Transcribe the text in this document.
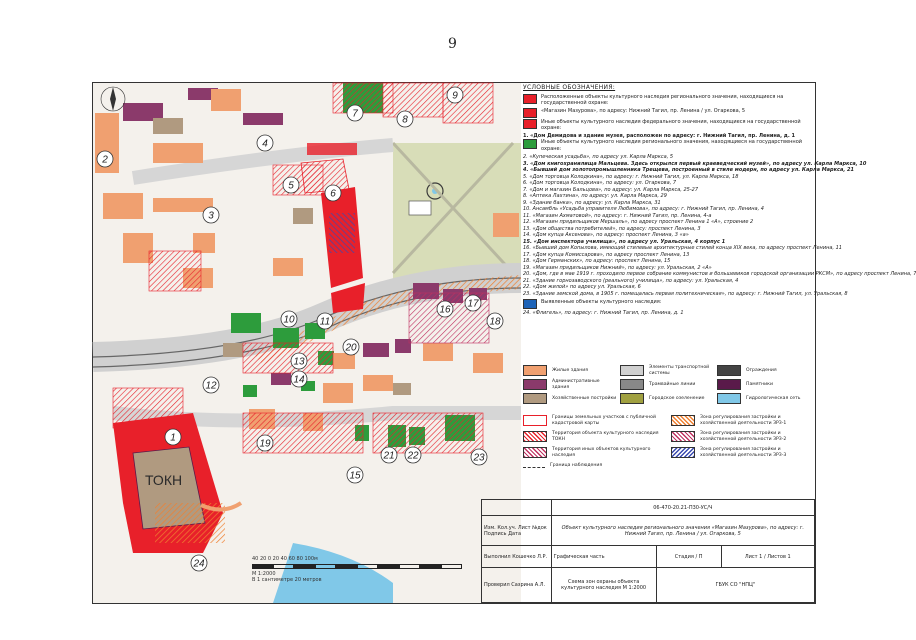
9
ТОКН
1
2
3
4
5
6
7
8
9
10	11
12
13
14
15
16
17
18
19
20
21 22	23
24
УСЛОВНЫЕ ОБОЗНАЧЕНИЯ:
Расположенные объекты культурного наследия регионального значения, находящиеся на государственной охране:
«Магазин Мазурова», по адресу: Нижний Тагил, пр. Ленина / ул. Огаркова, 5
Иные объекты культурного наследия федерального значения, находящиеся на государственной охране:
1. «Дом Демидова и здание музея, расположен по адресу: г. Нижний Тагил, пр. Ленина, д. 1
Иные объекты культурного наследия регионального значения, находящиеся на государственной охране:
2. «Купеческая усадьба», по адресу ул. Карла Маркса, 5
3. «Дом книгохранилища Мальцева. Здесь открылся первый краеведческий музей», по адресу ул. Карла Маркса, 10
4. «Бывший дом золотопромышленника Трещева, построенный в стиле модерн, по адресу ул. Карла Маркса, 21
5. «Дом торговца Колодкина», по адресу: г. Нижний Тагил, ул. Карла Маркса, 18
6. «Дом торговца Колодкина», по адресу: ул. Огаркова, 7
7. «Дом и магазин Бальцова», по адресу: ул. Карла Маркса, 25-27
8. «Аптека Лахтина», по адресу: ул. Карла Маркса, 29
9. «Здание банка», по адресу: ул. Карла Маркса, 31
10. Ансамбль «Усадьба управителя Любимова», по адресу: г. Нижний Тагил, пр. Ленина, 4
11. «Магазин Ахматовой», по адресу: г. Нижний Тагил, пр. Ленина, 4-а
12. «Магазин прядильщиков Мершаль», по адресу проспект Ленина 1 «А», строение 2
13. «Дом общества потребителей», по адресу: проспект Ленина, 3
14. «Дом купца Аксенова», по адресу: проспект Ленина, 3 «а»
15. «Дом инспектора училища», по адресу ул. Уральская, 4 корпус 1
16. «Бывший дом Копылова, имеющий стилевые архитектурные стилей конца XIX века, по адресу проспект Ленина, 11
17. «Дом купца Комиссарова», по адресу проспект Ленина, 13
18. «Дом Германских», по адресу: проспект Ленина, 15
19. «Магазин прядильщиков Нижний», по адресу: ул. Уральская, 2 «А»
20. «Дом, где в мае 1919 г. проходило первое собрание коммунистов и большевиков городской организации РКСМ», по адресу проспект Ленина, 7
21. «Здание горнозаводского (реального) училища», по адресу: ул. Уральская, 4
22. «Дом жилой» по адресу ул. Уральская, 6
23. «Здание земской дома, в 1905 г. помещалась первая политехническая», по адресу: г. Нижний Тагил, ул. Уральская, 8
Выявленные объекты культурного наследия:
24. «Флигель», по адресу: г. Нижний Тагил, пр. Ленина, д. 1
Жилые здания
Элементы транспортной системы
Ограждения
Административные здания
Трамвайные линии	Памятники
Хозяйственные постройки	Городское озеленение	Гидрологическая сеть
Границы земельных участков с публичной кадастровой карты
Территория объекта культурного наследия ТОКН
Территория иных объектов культурного наследия
Граница наблюдения
Зона регулирования застройки и хозяйственной деятельности ЗРЗ-1
Зона регулирования застройки и хозяйственной деятельности ЗРЗ-2
Зона регулирования застройки и хозяйственной деятельности ЗРЗ-3
	06-470-20.21-П30-УС/Ч		
Изм. Кол.уч. Лист №док Подпись Дата	Объект культурного наследия регионального значения «Магазин Мазурова», по адресу: г. Нижний Тагил, пр. Ленина / ул. Огаркова, 5		
Выполнил Кошечко Л.Р.	Графическая часть	Стадия / П	Лист 1 / Листов 1
Проверил Сазрина А.Л.	Схема зон охраны объекта культурного наследия М 1:2000	ГБУК СО "НПЦ"	
40 20 0 20 40 60 80 100м
М 1:2000
В 1 сантиметре 20 метров
